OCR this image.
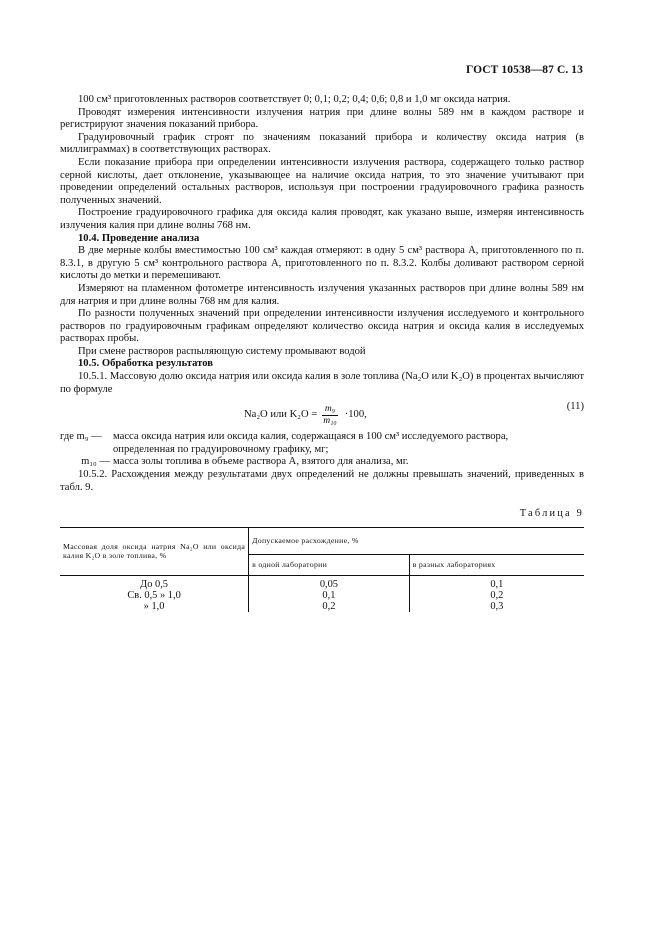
ГОСТ 10538—87 С. 13

100 см³ приготовленных растворов соответствует 0; 0,1; 0,2; 0,4; 0,6; 0,8 и 1,0 мг оксида натрия.

Проводят измерения интенсивности излучения натрия при длине волны 589 нм в каждом растворе и регистрируют значения показаний прибора.

Градуировочный график строят по значениям показаний прибора и количеству оксида натрия (в миллиграммах) в соответствующих растворах.

Если показание прибора при определении интенсивности излучения раствора, содержащего только раствор серной кислоты, дает отклонение, указывающее на наличие оксида натрия, то это значение учитывают при проведении определений остальных растворов, используя при построении градуировочного графика разность полученных значений.

Построение градуировочного графика для оксида калия проводят, как указано выше, измеряя интенсивность излучения калия при длине волны 768 нм.

10.4. Проведение анализа

В две мерные колбы вместимостью 100 см³ каждая отмеряют: в одну 5 см³ раствора А, приготовленного по п. 8.3.1, в другую 5 см³ контрольного раствора А, приготовленного по п. 8.3.2. Колбы доливают раствором серной кислоты до метки и перемешивают.

Измеряют на пламенном фотометре интенсивность излучения указанных растворов при длине волны 589 нм для натрия и при длине волны 768 нм для калия.

По разности полученных значений при определении интенсивности излучения исследуемого и контрольного растворов по градуировочным графикам определяют количество оксида натрия и оксида калия в исследуемых растворах пробы.

При смене растворов распыляющую систему промывают водой

10.5. Обработка результатов

10.5.1. Массовую долю оксида натрия или оксида калия в золе топлива (Na₂O или K₂O) в процентах вычисляют по формуле

Na₂O или $K_2O = \frac{\text{m₉}}{\text{m₁₀}} \cdot 100$,
(11)
где m₉ —	масса оксида натрия или оксида калия, содержащаяся в 100 см³ исследуемого раствора,
определенная по градуировочному графику, мг;
m₁₀ — масса золы топлива в объеме раствора А, взятого для анализа, мг.

10.5.2. Расхождения между результатами двух определений не должны превышать значений, приведенных в табл. 9.

Таблица 9
Массовая доля оксида натрия Na₂O или оксида калия K₂O в золе топлива, %	Допускаемое расхождение, %	
	в одной лаборатории	в разных лабораториях
До 0,5	0,05	0,1
Св. 0,5 » 1,0	0,1	0,2
» 1,0	0,2	0,3
